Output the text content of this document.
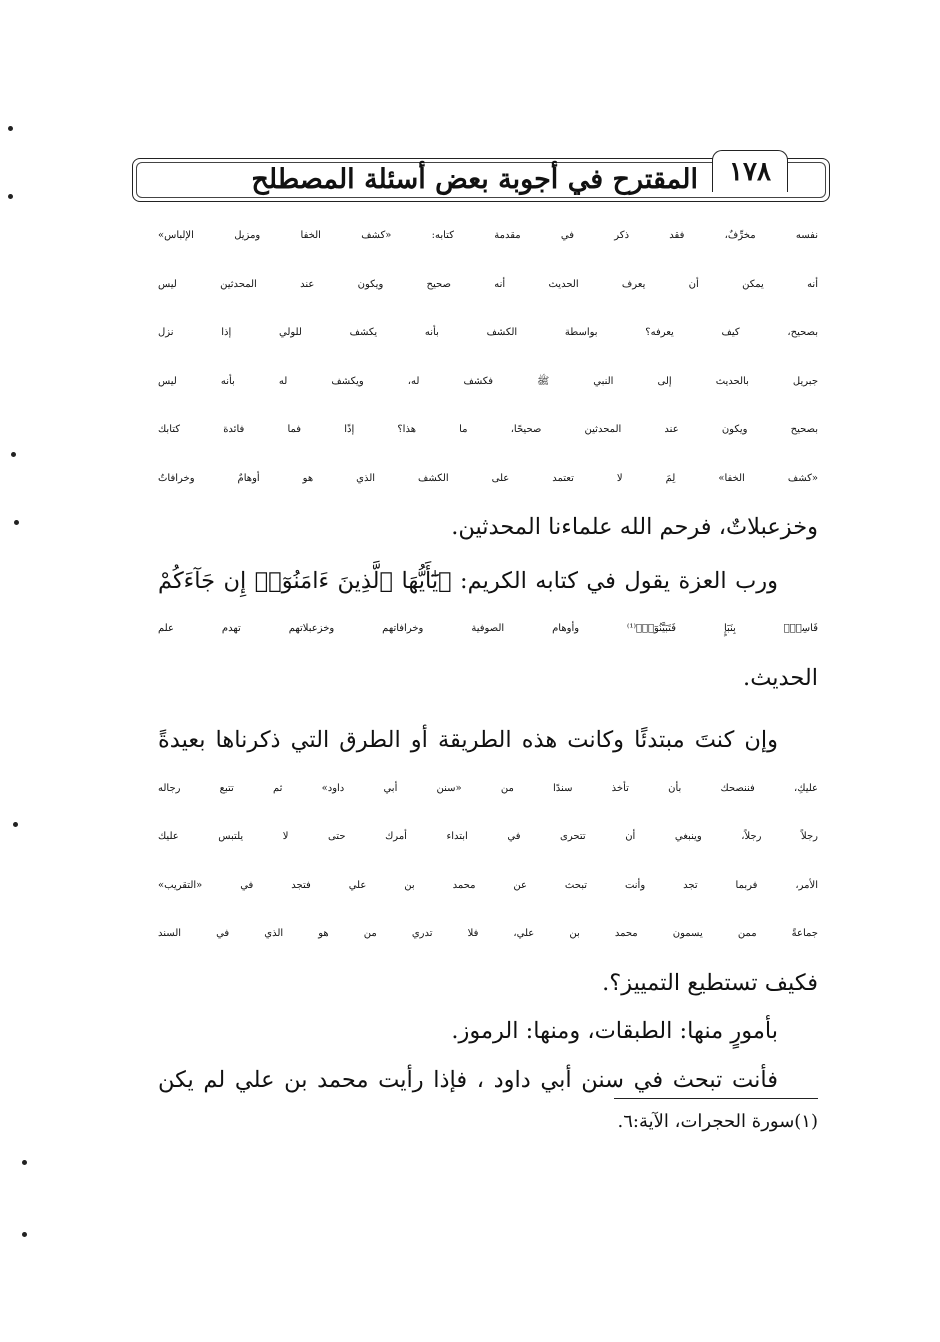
١٧٨
المقترح في أجوبة بعض أسئلة المصطلح
نفسه مخرِّفٌ، فقد ذكر في مقدمة كتابه: «كشف الخفا ومزيل الإلباس»
أنه يمكن أن يعرف الحديث أنه صحيح ويكون عند المحدثين ليس
بصحيح، كيف يعرفه؟ بواسطة الكشف بأنه يكشف للولي إذا نزل
جبريل بالحديث إلى النبي ﷺ فكشف له، ويكشف له بأنه ليس
بصحيح ويكون عند المحدثين صحيحًا، ما هذا؟ إذًا فما فائدة كتابك
«كشف الخفا» لِمَ لا تعتمد على الكشف الذي هو أوهامٌ وخرافاتٌ
وخزعبلاتٌ، فرحم الله علماءنا المحدثين.
ورب العزة يقول في كتابه الكريم: ﴿يَٰٓأَيُّهَا ٱلَّذِينَ ءَامَنُوٓا۟ إِن جَآءَكُمْ
فَاسِقٌۢ بِنَبَإٍ فَتَبَيَّنُوٓا۟﴾⁽¹⁾ وأوهام الصوفية وخرافاتهم وخزعبلاتهم تهدم علم
الحديث.
وإن كنتَ مبتدئًا وكانت هذه الطريقة أو الطرق التي ذكرناها بعيدةً
عليكِ، فننصحك بأن تأخذ سندًا من «سنن أبي داود» ثم تتبع رجاله
رجلاً رجلاً، وينبغي أن تتحرى في ابتداء أمرك حتى لا يلتبس عليك
الأمر، فربما تجد وأنت تبحث عن محمد بن علي فتجد في «التقريب»
جماعةً ممن يسمون محمد بن علي، فلا تدري من هو الذي في السند
فكيف تستطيع التمييز؟.
بأمورٍ منها: الطبقات، ومنها: الرموز.
فأنت تبحث في سنن أبي داود ، فإذا رأيت محمد بن علي لم يكن
(١)سورة الحجرات، الآية:٦.
